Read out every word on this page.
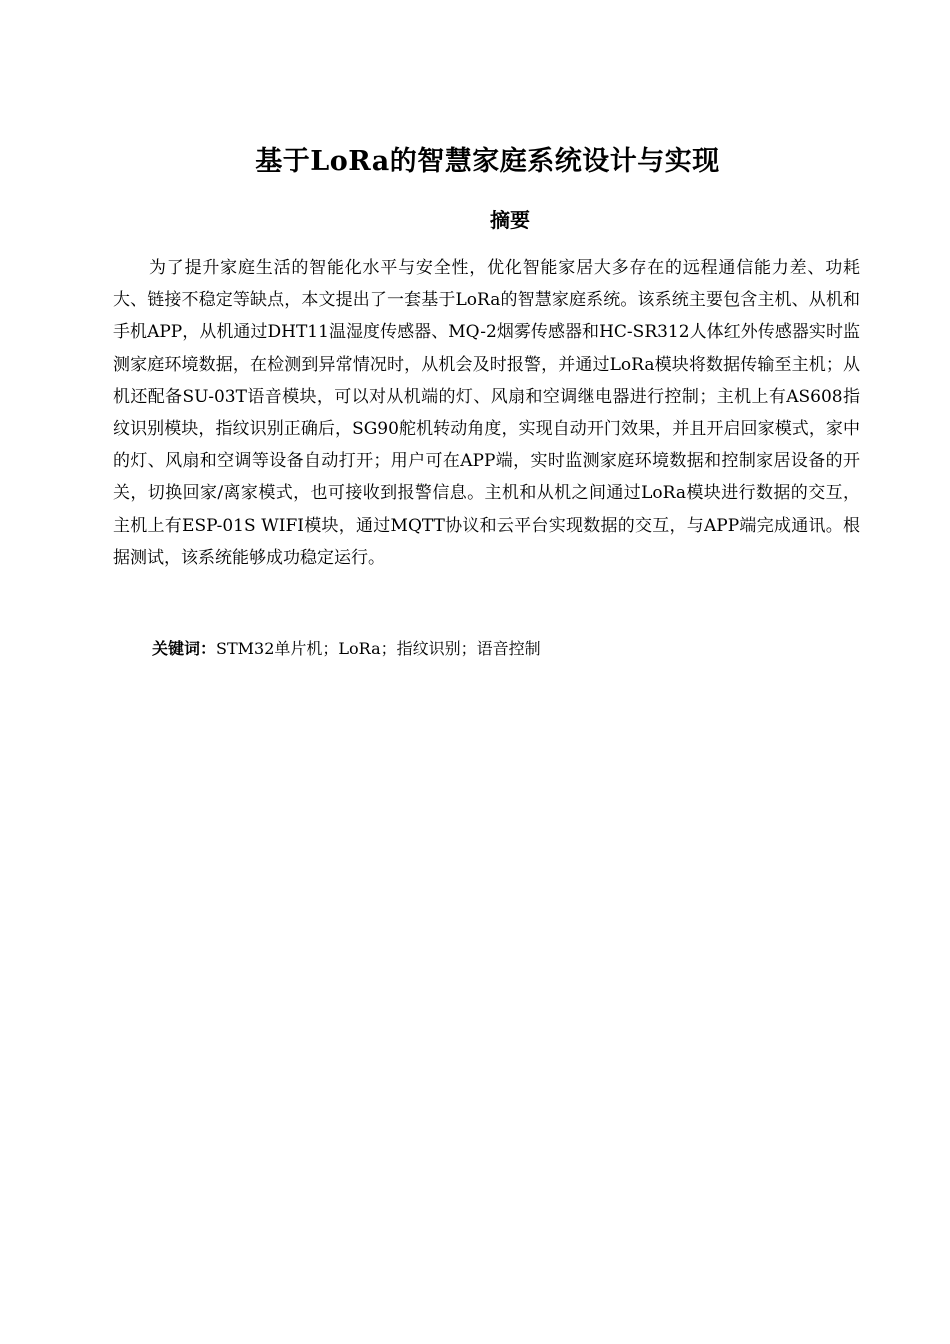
基于LoRa的智慧家庭系统设计与实现
摘要

为了提升家庭生活的智能化水平与安全性，优化智能家居大多存在的远程通信能力差、功耗大、链接不稳定等缺点，本文提出了一套基于LoRa的智慧家庭系统。该系统主要包含主机、从机和手机APP，从机通过DHT11温湿度传感器、MQ-2烟雾传感器和HC-SR312人体红外传感器实时监测家庭环境数据，在检测到异常情况时，从机会及时报警，并通过LoRa模块将数据传输至主机；从机还配备SU-03T语音模块，可以对从机端的灯、风扇和空调继电器进行控制；主机上有AS608指纹识别模块，指纹识别正确后，SG90舵机转动角度，实现自动开门效果，并且开启回家模式，家中的灯、风扇和空调等设备自动打开；用户可在APP端，实时监测家庭环境数据和控制家居设备的开关，切换回家/离家模式，也可接收到报警信息。主机和从机之间通过LoRa模块进行数据的交互，主机上有ESP-01S WIFI模块，通过MQTT协议和云平台实现数据的交互，与APP端完成通讯。根据测试，该系统能够成功稳定运行。

关键词：STM32单片机；LoRa；指纹识别；语音控制
